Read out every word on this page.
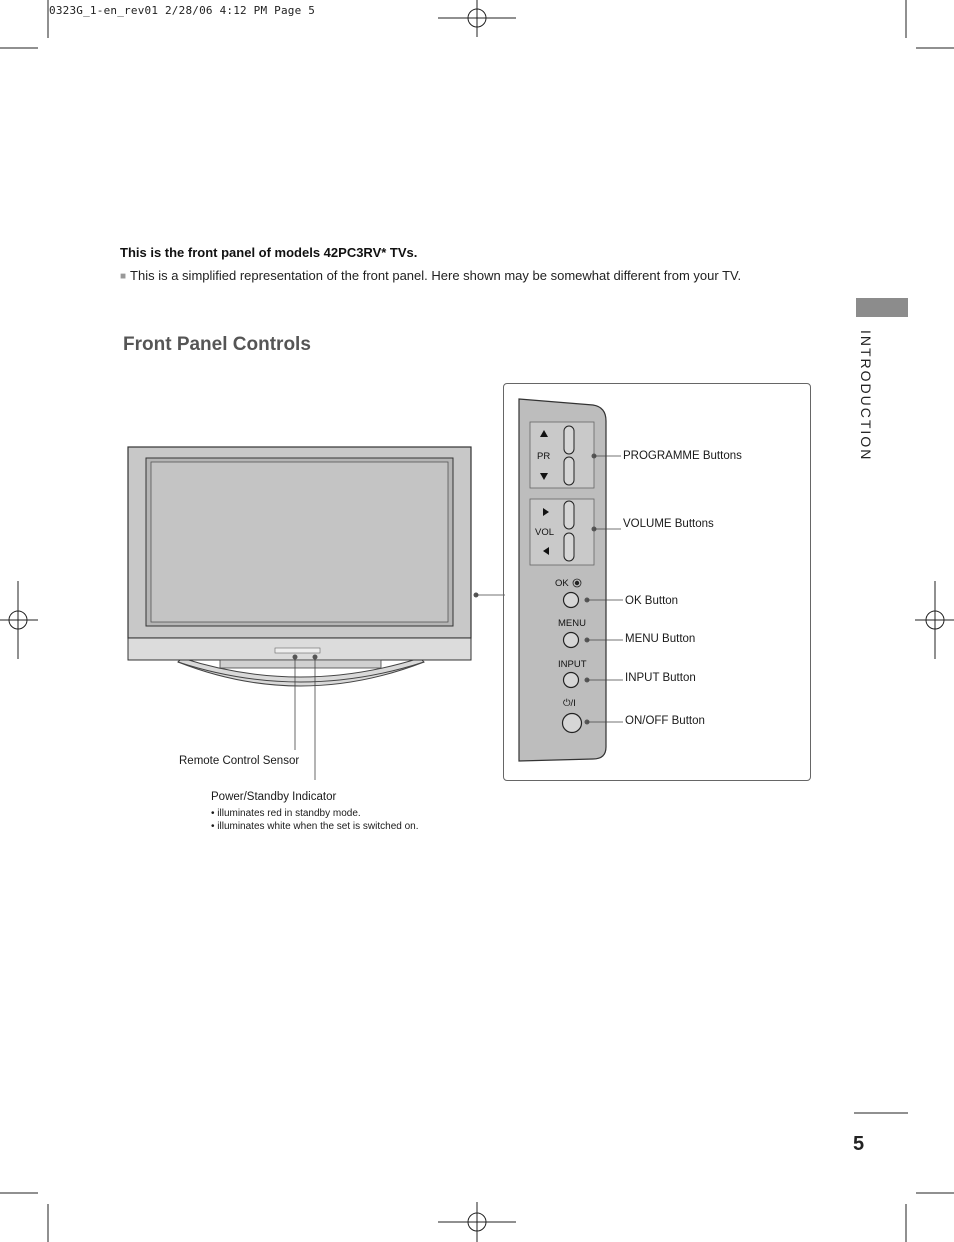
0323G_1-en_rev01 2/28/06 4:12 PM Page 5
This is the front panel of models 42PC3RV* TVs.
■ This is a simplified representation of the front panel. Here shown may be somewhat different from your TV.
Front Panel Controls	INTRODUCTION
Remote Control Sensor
Power/Standby Indicator
• illuminates red in standby mode.
• illuminates white when the set is switched on.
PR
VOL
OK
MENU
INPUT
⏻/I
PROGRAMME Buttons
VOLUME Buttons
OK Button
MENU Button
INPUT Button
ON/OFF Button
5
